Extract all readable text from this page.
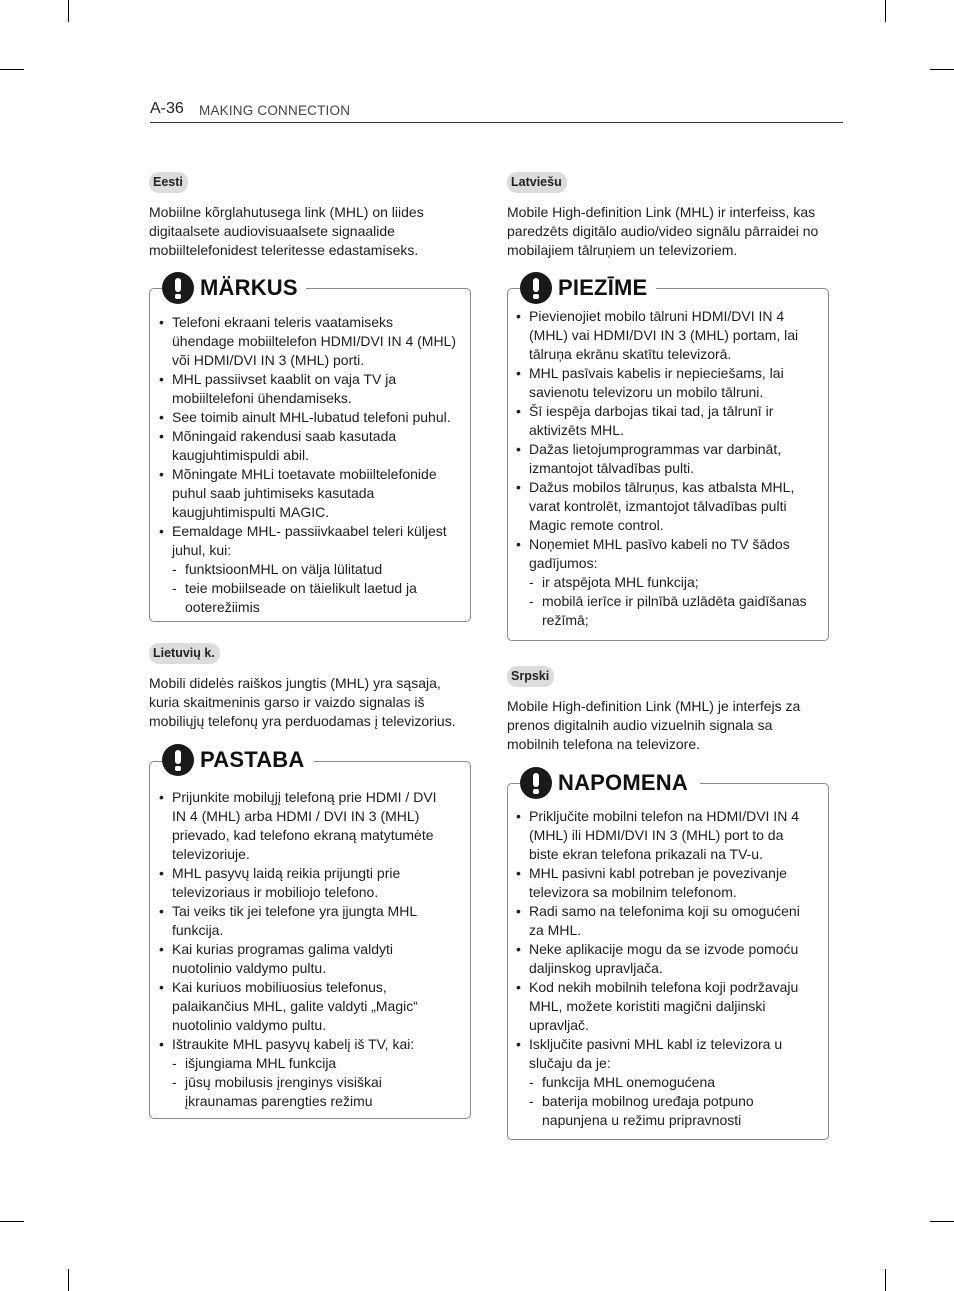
A-36 MAKING CONNECTION
Eesti
Mobiilne kõrglahutusega link (MHL) on liides digitaalsete audiovisuaalsete signaalide mobiiltelefonidest teleritesse edastamiseks.
MÄRKUS
• Telefoni ekraani teleris vaatamiseks ühendage mobiiltelefon HDMI/DVI IN 4 (MHL) või HDMI/DVI IN 3 (MHL) porti.
• MHL passiivset kaablit on vaja TV ja mobiiltelefoni ühendamiseks.
• See toimib ainult MHL-lubatud telefoni puhul.
• Mõningaid rakendusi saab kasutada kaugjuhtimispuldi abil.
• Mõningate MHLi toetavate mobiiltelefonide puhul saab juhtimiseks kasutada kaugjuhtimispulti MAGIC.
• Eemaldage MHL- passiivkaabel teleri küljest juhul, kui:
- funktsioonMHL on välja lülitatud
- teie mobiilseade on täielikult laetud ja ooterežiimis
Lietuvių k.
Mobili didelės raiškos jungtis (MHL) yra sąsaja, kuria skaitmeninis garso ir vaizdo signalas iš mobiliųjų telefonų yra perduodamas į televizorius.
PASTABA
• Prijunkite mobilųjį telefoną prie HDMI / DVI IN 4 (MHL) arba HDMI / DVI IN 3 (MHL) prievado, kad telefono ekraną matytumėte televizoriuje.
• MHL pasyvų laidą reikia prijungti prie televizoriaus ir mobiliojo telefono.
• Tai veiks tik jei telefone yra įjungta MHL funkcija.
• Kai kurias programas galima valdyti nuotolinio valdymo pultu.
• Kai kuriuos mobiliuosius telefonus, palaikančius MHL, galite valdyti „Magic“ nuotolinio valdymo pultu.
• Ištraukite MHL pasyvų kabelį iš TV, kai:
- išjungiama MHL funkcija
- jūsų mobilusis įrenginys visiškai įkraunamas parengties režimu
Latviešu
Mobile High-definition Link (MHL) ir interfeiss, kas paredzēts digitālo audio/video signālu pārraidei no mobilajiem tālruņiem un televizoriem.
PIEZĪME
• Pievienojiet mobilo tālruni HDMI/DVI IN 4 (MHL) vai HDMI/DVI IN 3 (MHL) portam, lai tālruņa ekrānu skatītu televizorā.
• MHL pasīvais kabelis ir nepieciešams, lai savienotu televizoru un mobilo tālruni.
• Šī iespēja darbojas tikai tad, ja tālrunī ir aktivizēts MHL.
• Dažas lietojumprogrammas var darbināt, izmantojot tālvadības pulti.
• Dažus mobilos tālruņus, kas atbalsta MHL, varat kontrolēt, izmantojot tālvadības pulti Magic remote control.
• Noņemiet MHL pasīvo kabeli no TV šādos gadījumos:
- ir atspējota MHL funkcija;
- mobilā ierīce ir pilnībā uzlādēta gaidīšanas režīmā;
Srpski
Mobile High-definition Link (MHL) je interfejs za prenos digitalnih audio vizuelnih signala sa mobilnih telefona na televizore.
NAPOMENA
• Priključite mobilni telefon na HDMI/DVI IN 4 (MHL) ili HDMI/DVI IN 3 (MHL) port to da biste ekran telefona prikazali na TV-u.
• MHL pasivni kabl potreban je povezivanje televizora sa mobilnim telefonom.
• Radi samo na telefonima koji su omogućeni za MHL.
• Neke aplikacije mogu da se izvode pomoću daljinskog upravljača.
• Kod nekih mobilnih telefona koji podržavaju MHL, možete koristiti magični daljinski upravljač.
• Isključite pasivni MHL kabl iz televizora u slučaju da je:
- funkcija MHL onemogućena
- baterija mobilnog uređaja potpuno napunjena u režimu pripravnosti
